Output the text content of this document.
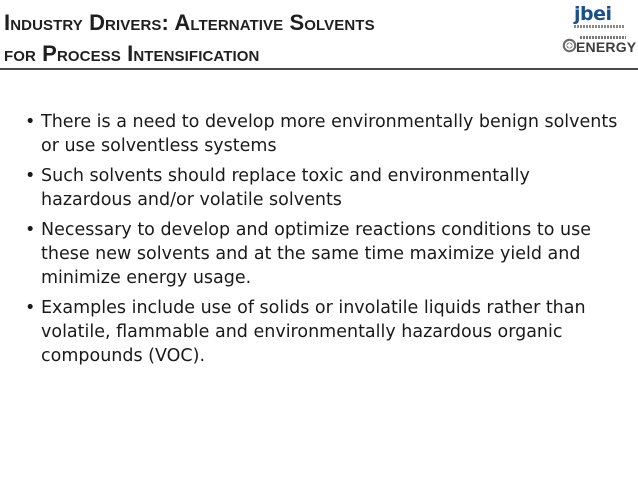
Industry Drivers: Alternative Solvents
for Process Intensification
jbei
ENERGY
• There is a need to develop more environmentally benign solvents or use solventless systems
• Such solvents should replace toxic and environmentally hazardous and/or volatile solvents
• Necessary to develop and optimize reactions conditions to use these new solvents and at the same time maximize yield and minimize energy usage.
• Examples include use of solids or involatile liquids rather than volatile, flammable and environmentally hazardous organic compounds (VOC).
